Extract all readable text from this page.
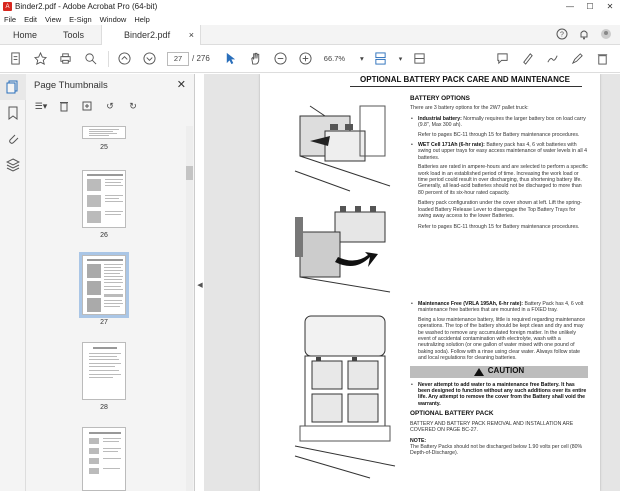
A Binder2.pdf - Adobe Acrobat Pro (64-bit)	—	☐	✕
File Edit View E-Sign Window Help
Home	Tools	Binder2.pdf ×	?
27	/ 276	66.7% ▾	▾
Page Thumbnails	✕
☰▾	↺	↻
25
26
27
28
◀
OPTIONAL BATTERY PACK CARE AND MAINTENANCE
BATTERY OPTIONS

There are 3 battery options for the 2W7 pallet truck:

• Industrial battery: Normally requires the larger battery box on load carry (9.8", Max 300 ah).

Refer to pages BC-11 through 15 for Battery maintenance procedures.

• WET Cell 171Ah (6-hr rate): Battery pack has 4, 6 volt batteries with swing out upper trays for easy access maintenance of water levels in all 4 batteries.

Batteries are rated in ampere-hours and are selected to perform a specific work load in an established period of time. Increasing the work load or time period could result in over discharging, thus shortening battery life. Generally, all lead-acid batteries should not be discharged to more than 80 percent of its six-hour rated capacity.

Battery pack configuration under the cover shown at left. Lift the spring-loaded Battery Release Lever to disengage the Top Battery Trays for swing away access to the lower Batteries.

Refer to pages BC-11 through 15 for Battery maintenance procedures.

• Maintenance Free (VRLA 195Ah, 6-hr rate): Battery Pack has 4, 6 volt maintenance free batteries that are mounted in a FIXED tray.

Being a low maintenance battery, little is required regarding maintenance operations. The top of the battery should be kept clean and dry and may be washed to remove any accumulated foreign matter. In the unlikely event of accidental contamination with electrolyte, wash with a neutralizing solution (or one gallon of water mixed with one pound of baking soda). Follow with a rinse using clear water. Always follow state and local regulations for cleaning batteries.

CAUTION
• Never attempt to add water to a maintenance free Battery. It has been designed to function without any such additions over its entire life. Any attempt to remove the cover from the Battery shall void the warranty.
OPTIONAL BATTERY PACK

BATTERY AND BATTERY PACK REMOVAL AND INSTALLATION ARE COVERED ON PAGE BC-27.

NOTE:

The Battery Packs should not be discharged below 1.90 volts per cell (80% Depth-of-Discharge).
